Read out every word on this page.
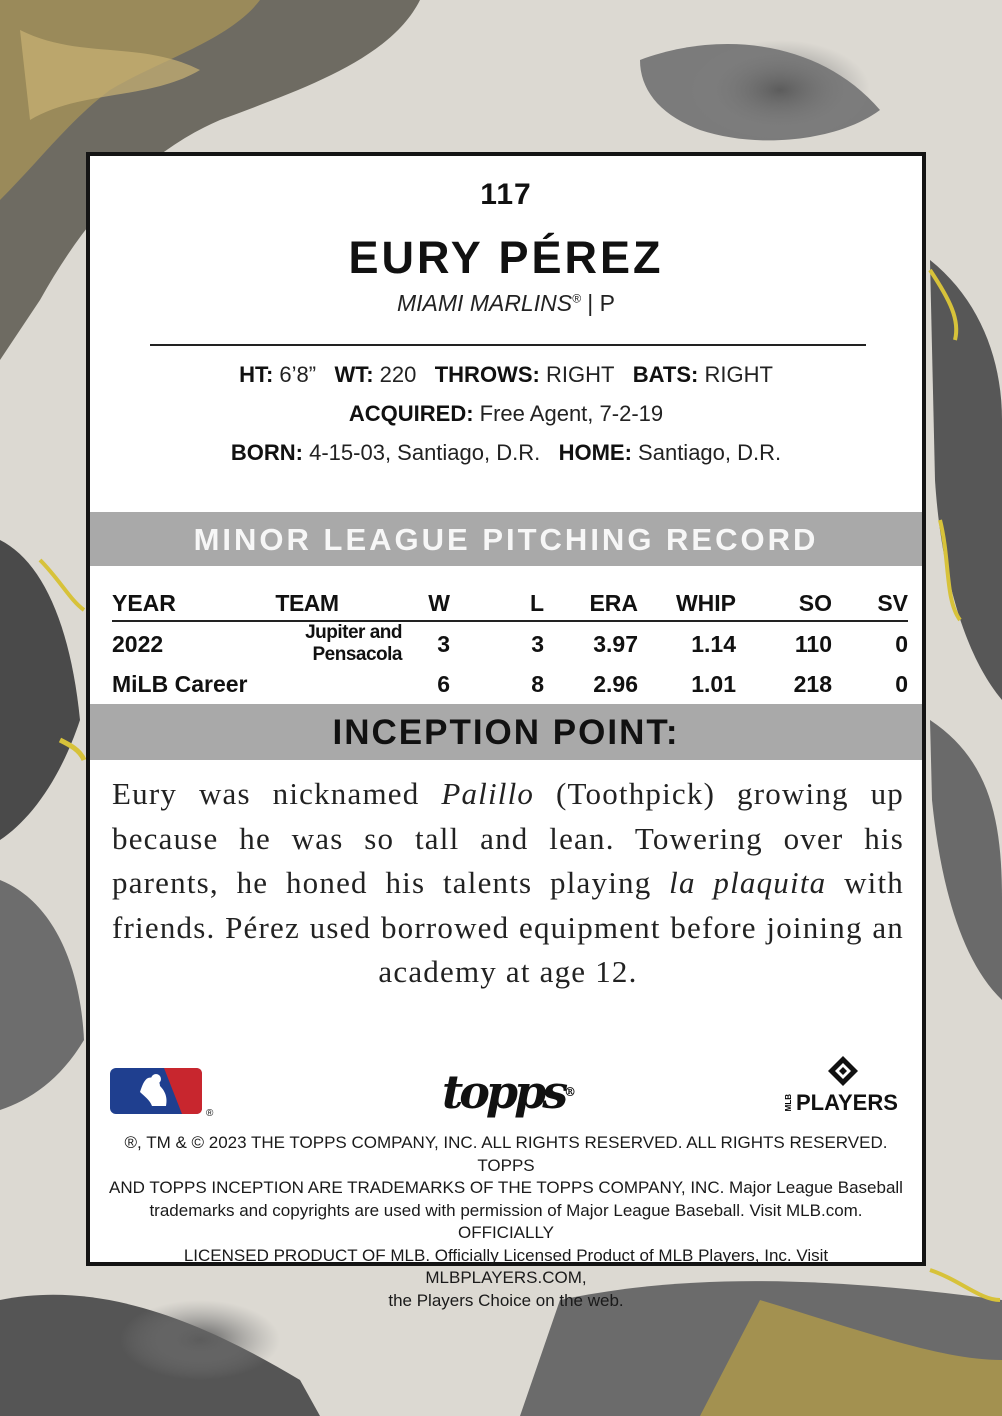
117
EURY PÉREZ
MIAMI MARLINS® | P
HT: 6’8” WT: 220 THROWS: RIGHT BATS: RIGHT
ACQUIRED: Free Agent, 7-2-19
BORN: 4-15-03, Santiago, D.R. HOME: Santiago, D.R.
MINOR LEAGUE PITCHING RECORD
YEAR	TEAM	W	L	ERA	WHIP	SO	SV
2022	Jupiter and Pensacola	3	3	3.97	1.14	110	0
MiLB Career		6	8	2.96	1.01	218	0
INCEPTION POINT:
Eury was nicknamed Palillo (Toothpick) growing up because he was so tall and lean. Towering over his parents, he honed his talents playing la plaquita with friends. Pérez used borrowed equipment before joining an academy at age 12.
®	topps®
MLB PLAYERS
®, TM & © 2023 THE TOPPS COMPANY, INC. ALL RIGHTS RESERVED. ALL RIGHTS RESERVED. TOPPS
AND TOPPS INCEPTION ARE TRADEMARKS OF THE TOPPS COMPANY, INC. Major League Baseball
trademarks and copyrights are used with permission of Major League Baseball. Visit MLB.com. OFFICIALLY
LICENSED PRODUCT OF MLB. Officially Licensed Product of MLB Players, Inc. Visit MLBPLAYERS.COM,
the Players Choice on the web.
